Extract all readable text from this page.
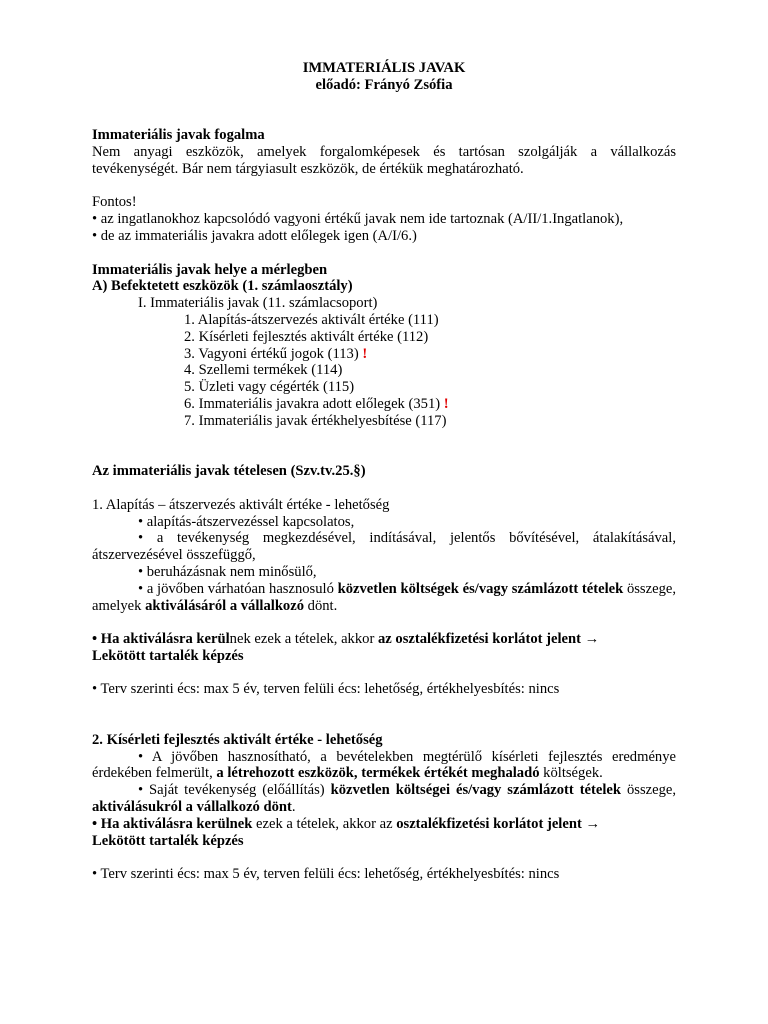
IMMATERIÁLIS JAVAK

előadó: Frányó Zsófia

Immateriális javak fogalma

Nem anyagi eszközök, amelyek forgalomképesek és tartósan szolgálják a vállalkozás tevékenységét. Bár nem tárgyiasult eszközök, de értékük meghatározható.

Fontos!

• az ingatlanokhoz kapcsolódó vagyoni értékű javak nem ide tartoznak (A/II/1.Ingatlanok),

• de az immateriális javakra adott előlegek igen (A/I/6.)

Immateriális javak helye a mérlegben

A) Befektetett eszközök (1. számlaosztály)

I. Immateriális javak (11. számlacsoport)

1. Alapítás-átszervezés aktivált értéke (111)

2. Kísérleti fejlesztés aktivált értéke (112)

3. Vagyoni értékű jogok (113) !

4. Szellemi termékek (114)

5. Üzleti vagy cégérték (115)

6. Immateriális javakra adott előlegek (351) !

7. Immateriális javak értékhelyesbítése (117)

Az immateriális javak tételesen (Szv.tv.25.§)

1. Alapítás – átszervezés aktivált értéke - lehetőség

• alapítás-átszervezéssel kapcsolatos,

• a tevékenység megkezdésével, indításával, jelentős bővítésével, átalakításával, átszervezésével összefüggő,

• beruházásnak nem minősülő,

• a jövőben várhatóan hasznosuló közvetlen költségek és/vagy számlázott tételek összege, amelyek aktiválásáról a vállalkozó dönt.

• Ha aktiválásra kerülnek ezek a tételek, akkor az osztalékfizetési korlátot jelent →

Lekötött tartalék képzés

• Terv szerinti écs: max 5 év, terven felüli écs: lehetőség, értékhelyesbítés: nincs

2. Kísérleti fejlesztés aktivált értéke - lehetőség

• A jövőben hasznosítható, a bevételekben megtérülő kísérleti fejlesztés eredménye érdekében felmerült, a létrehozott eszközök, termékek értékét meghaladó költségek.

• Saját tevékenység (előállítás) közvetlen költségei és/vagy számlázott tételek összege, aktiválásukról a vállalkozó dönt.

• Ha aktiválásra kerülnek ezek a tételek, akkor az osztalékfizetési korlátot jelent →

Lekötött tartalék képzés

• Terv szerinti écs: max 5 év, terven felüli écs: lehetőség, értékhelyesbítés: nincs
